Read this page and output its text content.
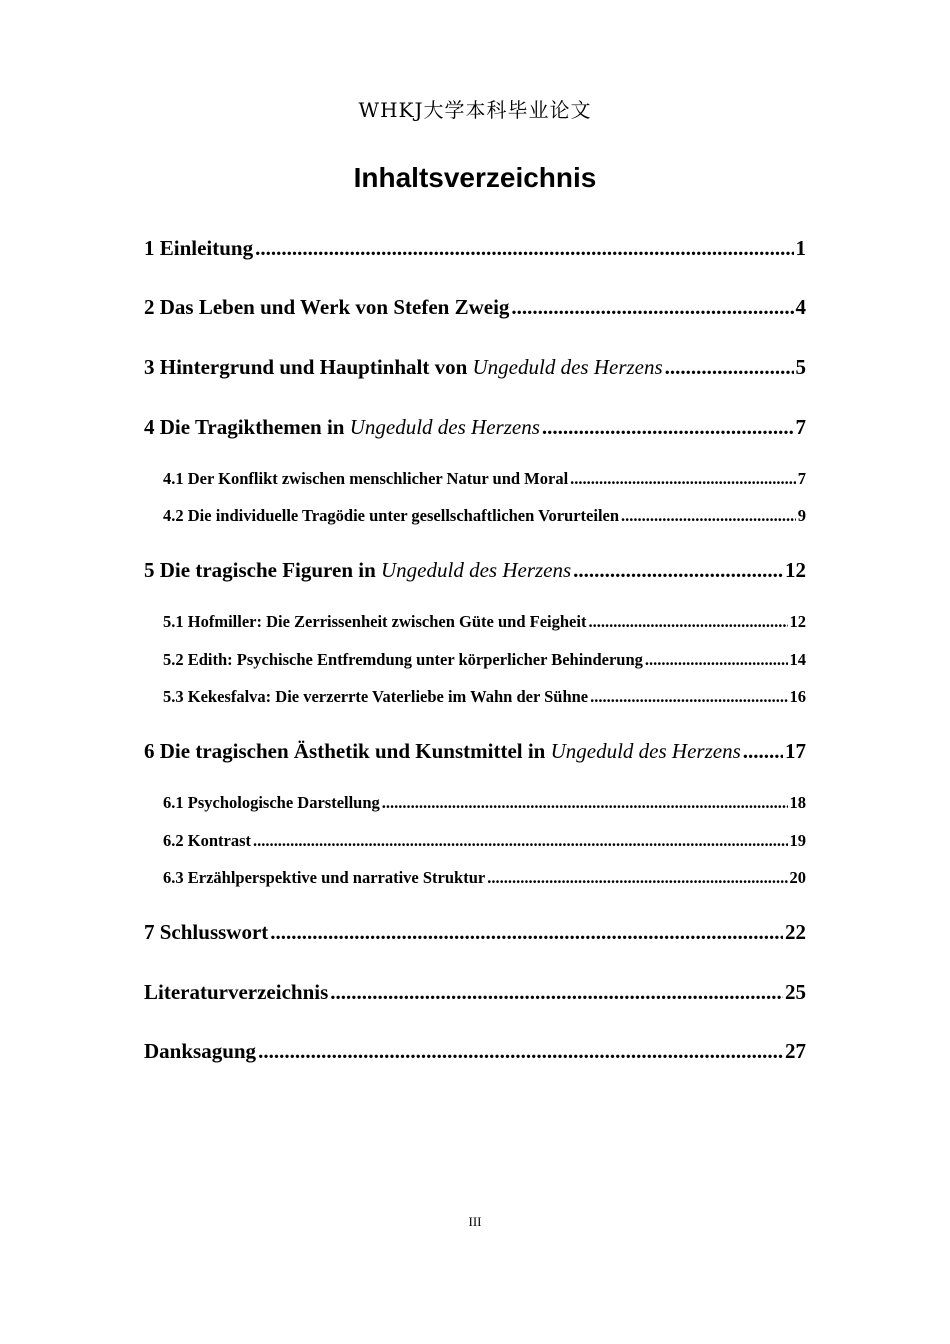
WHKJ大学本科毕业论文
Inhaltsverzeichnis
1 Einleitung .....	1
2 Das Leben und Werk von Stefen Zweig .....	4
3 Hintergrund und Hauptinhalt von Ungeduld des Herzens .....	5
4 Die Tragikthemen in Ungeduld des Herzens .....	7
4.1 Der Konflikt zwischen menschlicher Natur und Moral .....	7
4.2 Die individuelle Tragödie unter gesellschaftlichen Vorurteilen .....	9
5 Die tragische Figuren in Ungeduld des Herzens .....	12
5.1 Hofmiller: Die Zerrissenheit zwischen Güte und Feigheit .....	12
5.2 Edith: Psychische Entfremdung unter körperlicher Behinderung .....	14
5.3 Kekesfalva: Die verzerrte Vaterliebe im Wahn der Sühne .....	16
6 Die tragischen Ästhetik und Kunstmittel in Ungeduld des Herzens ..... 17
6.1 Psychologische Darstellung .....	18
6.2 Kontrast .....	19
6.3 Erzählperspektive und narrative Struktur .....	20
7 Schlusswort .....	22
Literaturverzeichnis .....	25
Danksagung .....	27
III
